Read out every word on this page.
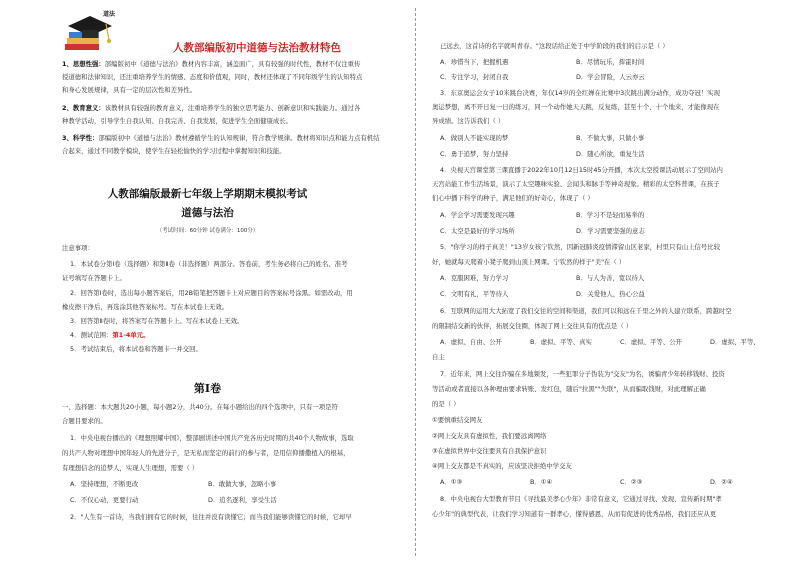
道法
人教部编版初中道德与法治教材特色
1、思想性强：部编版初中《道德与法治》教材内容丰富，涵盖面广，具有较强的时代性，教材不仅注重传
授道德和法律知识，还注重培养学生的情感、态度和价值观，同时，教材还体现了不同年级学生的认知特点
和身心发展规律，具有一定的层次性和差异性。
2、教育意义：该教材具有较强的教育意义，注重培养学生的独立思考能力、创新意识和实践能力。通过各
种教学活动，引导学生自我认知、自我完善、自我发展，促进学生全面健康成长。
3、科学性：部编版初中《道德与法治》教材遵循学生的认知规律，符合教学规律。教材将知识点和能力点有机结
合起来，通过不同教学模块，使学生在轻松愉快的学习过程中掌握知识和技能。
人教部编版最新七年级上学期期末模拟考试
道德与法治
（考试时间：60分钟 试卷满分：100分）
注意事项：
1．本试卷分第Ⅰ卷（选择题）和第Ⅱ卷（非选择题）两部分。答卷前，考生务必将自己的姓名、准考
证号填写在答题卡上。
2．回答第Ⅰ卷时，选出每小题答案后，用2B铅笔把答题卡上对应题目的答案标号涂黑。如需改动，用
橡皮擦干净后，再选涂其他答案标号。写在本试卷上无效。
3．回答第Ⅱ卷时，将答案写在答题卡上。写在本试卷上无效。
4．测试范围：第1-4单元。
5．考试结束后，将本试卷和答题卡一并交回。
第Ⅰ卷
一、选择题：本大题共20小题，每小题2分，共40分。在每小题给出的四个选项中，只有一项是符
合题目要求的。
1．中央电视台播出的《理想照耀中国》，整部剧讲述中国共产党各历史时期的共40个人物故事，选取
的共产人物对理想中国年轻人的先进分子，是无私而坚定的前行的参与者，是用信仰播撒植入的根基，
有理想信念的追梦人，实现人生理想，需要（ ）
A．坚持理想，不断更改	B．敢做大事，忽略小事
C．不仅心动，更要行动	D．追名逐利，享受生活
2．"人生有一首诗，当我们拥有它的时候，往往并没有读懂它；而当我们能够读懂它的时候，它却早
已远去，这首诗的名字就叫青春。"这段话给正处于中学阶段的我们的启示是（ ）
A．珍惜当下，把握机遇	B．尽情玩乐，挥霍时间
C．专注学习，封闭自我	D．学会冒险，人云亦云
3．东京奥运会女子10米跳台决赛，年仅14岁的全红婵在比赛中3次跳出满分动作，成功夺冠！实现
奥运梦想，离不开日复一日的练习，同一个动作她天天跳，反复练，甚至十个、十个地来，才能像现在
异成绩。这告诉我们（ ）
A．做别人不能实现的梦	B．不做大事，只做小事
C．勇于追梦，努力坚持	D．随心所欲，重复生活
4．央视天宫课堂第三课直播于2022年10月12日15时45分开播，本次太空授课活动展示了空间站内
天宫站能工作生活场景，演示了太空趣味实验、会闻头和脉手等神奇现象。精彩的太空科普课，在孩子
们心中播下科学的种子，满足他们的好奇心，体现了（ ）
A．学会学习需要发现兴趣	B．学习不是轻而易举的
C．太空是最好的学习场所	D．学习需要坚强的意志
5．"你学习的样子真美！"13岁女孩宁钦然，因新冠肺炎疫情滞留山区老家，村里只有山上信号比较
好，她就每天爬着小凳子爬到山顶上网课。宁钦然的样子"美"在（ ）
A．克服困难，努力学习	B．与人为善，宽以待人
C．文明有礼，平等待人	D．关爱他人，热心公益
6．互联网的运用大大拓宽了我们交往的空间和渠道，我们可以和远在千里之外的人建立联系，跨越时空
的限制结交新的伙伴，拓展交往圈，体现了网上交往具有的优点是（ ）
A．虚拟、自由、公开	B．虚拟、平等、真实	C．虚拟、平等、公开	D．虚拟、平等、
自主
7．近年来，网上交往诈骗在多地频发，一些犯罪分子伪装为"交友"为名，诱骗青少年转移钱财、投资
等活动或者直接以各种理由要求转账、发红包，随后"拉黑""失联"，从而骗取钱财，对此理解正确
的是（ ）
①要慎重结交网友
②网上交友具有虚拟性，我们要远离网络
③在虚拟世界中交往要具有自我保护意识
④网上交友都是不真实的，应该坚决拒绝中学交友
A．①③	B．①④	C．②③	D．②④
8．中央电视台大型教育节目《寻找最美孝心少年》非常有意义，它通过寻找、发现、宣传新时期"孝
心少年"的典型代表，让我们学习知道有一群孝心，懂得感恩，从而有促进的优秀品格，我们还应从更
